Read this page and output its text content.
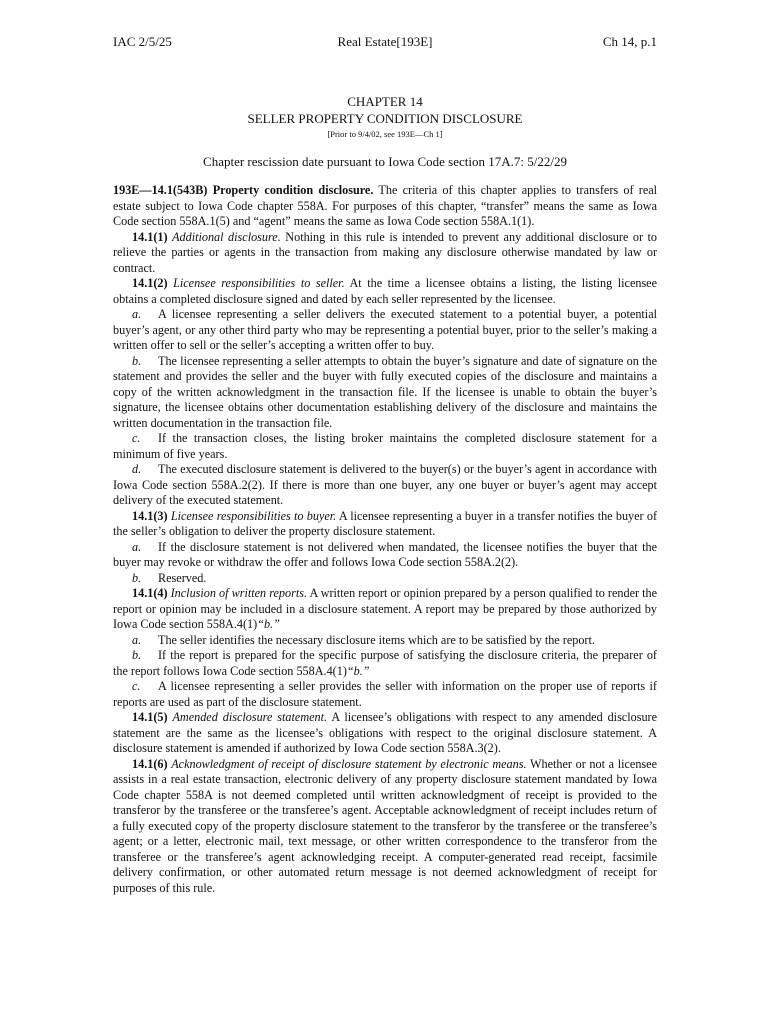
IAC 2/5/25	Real Estate[193E]	Ch 14, p.1
CHAPTER 14
SELLER PROPERTY CONDITION DISCLOSURE
[Prior to 9/4/02, see 193E—Ch 1]
Chapter rescission date pursuant to Iowa Code section 17A.7: 5/22/29

193E—14.1(543B) Property condition disclosure. The criteria of this chapter applies to transfers of real estate subject to Iowa Code chapter 558A. For purposes of this chapter, “transfer” means the same as Iowa Code section 558A.1(5) and “agent” means the same as Iowa Code section 558A.1(1).

14.1(1) Additional disclosure. Nothing in this rule is intended to prevent any additional disclosure or to relieve the parties or agents in the transaction from making any disclosure otherwise mandated by law or contract.

14.1(2) Licensee responsibilities to seller. At the time a licensee obtains a listing, the listing licensee obtains a completed disclosure signed and dated by each seller represented by the licensee.

a. A licensee representing a seller delivers the executed statement to a potential buyer, a potential buyer’s agent, or any other third party who may be representing a potential buyer, prior to the seller’s making a written offer to sell or the seller’s accepting a written offer to buy.

b. The licensee representing a seller attempts to obtain the buyer’s signature and date of signature on the statement and provides the seller and the buyer with fully executed copies of the disclosure and maintains a copy of the written acknowledgment in the transaction file. If the licensee is unable to obtain the buyer’s signature, the licensee obtains other documentation establishing delivery of the disclosure and maintains the written documentation in the transaction file.

c. If the transaction closes, the listing broker maintains the completed disclosure statement for a minimum of five years.

d. The executed disclosure statement is delivered to the buyer(s) or the buyer’s agent in accordance with Iowa Code section 558A.2(2). If there is more than one buyer, any one buyer or buyer’s agent may accept delivery of the executed statement.

14.1(3) Licensee responsibilities to buyer. A licensee representing a buyer in a transfer notifies the buyer of the seller’s obligation to deliver the property disclosure statement.

a. If the disclosure statement is not delivered when mandated, the licensee notifies the buyer that the buyer may revoke or withdraw the offer and follows Iowa Code section 558A.2(2).

b. Reserved.

14.1(4) Inclusion of written reports. A written report or opinion prepared by a person qualified to render the report or opinion may be included in a disclosure statement. A report may be prepared by those authorized by Iowa Code section 558A.4(1)“b.”

a. The seller identifies the necessary disclosure items which are to be satisfied by the report.

b. If the report is prepared for the specific purpose of satisfying the disclosure criteria, the preparer of the report follows Iowa Code section 558A.4(1)“b.”

c. A licensee representing a seller provides the seller with information on the proper use of reports if reports are used as part of the disclosure statement.

14.1(5) Amended disclosure statement. A licensee’s obligations with respect to any amended disclosure statement are the same as the licensee’s obligations with respect to the original disclosure statement. A disclosure statement is amended if authorized by Iowa Code section 558A.3(2).

14.1(6) Acknowledgment of receipt of disclosure statement by electronic means. Whether or not a licensee assists in a real estate transaction, electronic delivery of any property disclosure statement mandated by Iowa Code chapter 558A is not deemed completed until written acknowledgment of receipt is provided to the transferor by the transferee or the transferee’s agent. Acceptable acknowledgment of receipt includes return of a fully executed copy of the property disclosure statement to the transferor by the transferee or the transferee’s agent; or a letter, electronic mail, text message, or other written correspondence to the transferor from the transferee or the transferee’s agent acknowledging receipt. A computer-generated read receipt, facsimile delivery confirmation, or other automated return message is not deemed acknowledgment of receipt for purposes of this rule.
